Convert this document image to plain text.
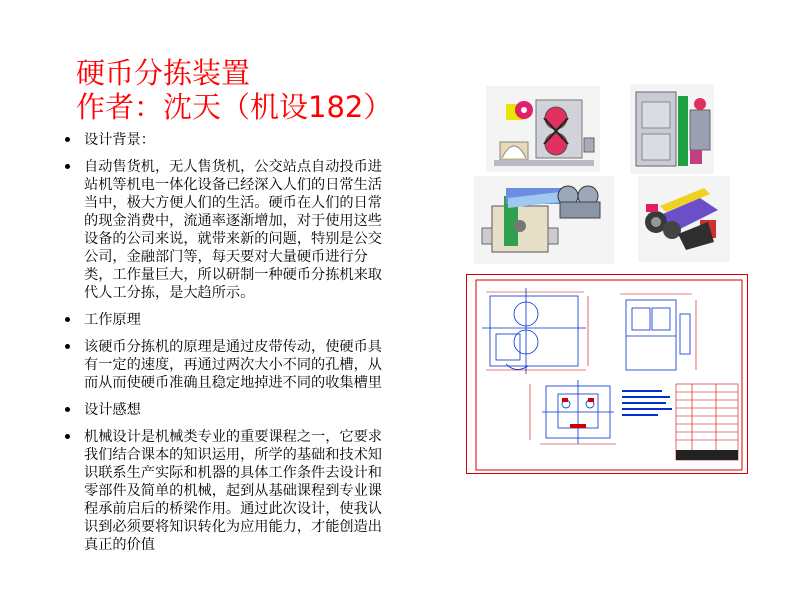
硬币分拣装置
作者：沈天（机设182）
设计背景：
自动售货机，无人售货机，公交站点自动投币进站机等机电一体化设备已经深入人们的日常生活当中，极大方便人们的生活。硬币在人们的日常的现金消费中，流通率逐渐增加，对于使用这些设备的公司来说，就带来新的问题，特别是公交公司，金融部门等，每天要对大量硬币进行分类，工作量巨大，所以研制一种硬币分拣机来取代人工分拣，是大趋所示。
工作原理
该硬币分拣机的原理是通过皮带传动，使硬币具有一定的速度，再通过两次大小不同的孔槽，从而从而使硬币准确且稳定地掉进不同的收集槽里
设计感想
机械设计是机械类专业的重要课程之一，它要求我们结合课本的知识运用，所学的基础和技术知识联系生产实际和机器的具体工作条件去设计和零部件及简单的机械，起到从基础课程到专业课程承前启后的桥梁作用。通过此次设计，使我认识到必须要将知识转化为应用能力，才能创造出真正的价值
